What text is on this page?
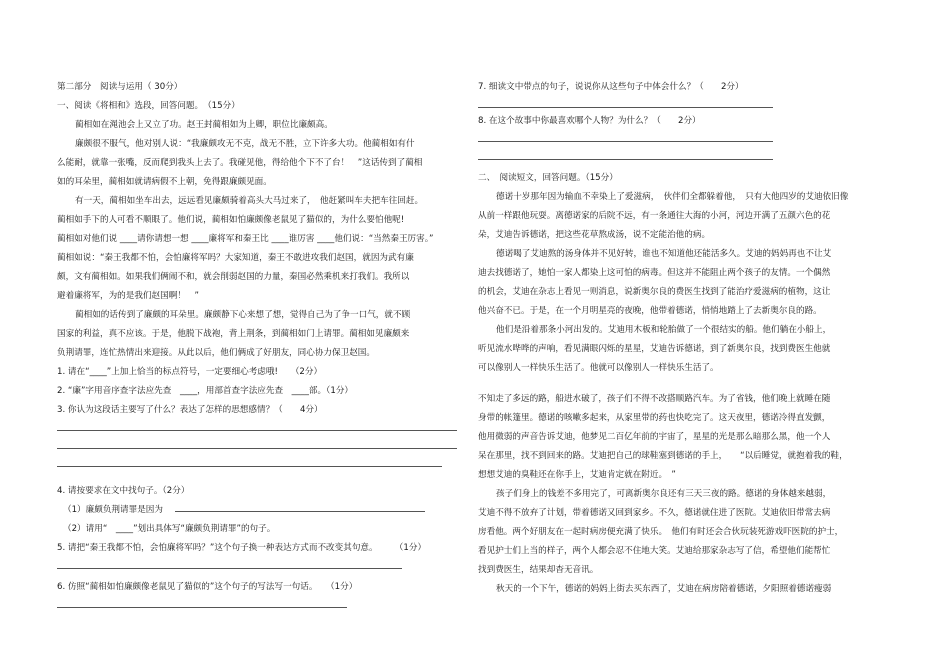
第二部分　阅读与运用（ 30分）

一、阅读《将相和》选段，回答问题。　（15分）

蔺相如在渑池会上又立了功。赵王封蔺相如为上卿，职位比廉颇高。

廉颇很不服气，他对别人说：“我廉颇攻无不克，战无不胜，立下许多大功。他蔺相如有什

么能耐，就靠一张嘴，反而爬到我头上去了。我碰见他，得给他个下不了台！　”这话传到了蔺相

如的耳朵里，蔺相如就请病假不上朝，免得跟廉颇见面。

有一天，蔺相如坐车出去，远远看见廉颇骑着高头大马过来了，　他赶紧叫车夫把车往回赶。

蔺相如手下的人可看不顺眼了。他们说，蔺相如怕廉颇像老鼠见了猫似的，为什么要怕他呢!

蔺相如对他们说 ____请你请想一想 ____廉将军和秦王比 ____谁厉害 ____他们说：“当然秦王厉害。”

蔺相如说：“秦王我都不怕，会怕廉将军吗？大家知道，秦王不敢进攻我们赵国，就因为武有廉

颇，文有蔺相如。如果我们俩闹不和，就会削弱赵国的力量，秦国必然乘机来打我们。我所以

避着廉将军，为的是我们赵国啊！　”

蔺相如的话传到了廉颇的耳朵里。廉颇静下心来想了想，觉得自己为了争一口气，就不顾

国家的利益，真不应该。于是，他脱下战袍，背上荆条，到蔺相如门上请罪。蔺相如见廉颇来

负荆请罪，连忙热情出来迎接。从此以后，他们俩成了好朋友，同心协力保卫赵国。

1. 请在“____”上加上恰当的标点符号，一定要细心考虑哦!　　（2分）

2. “廉”字用音序查字法应先查　____，用部首查字法应先查　____部。（1分）

3. 你认为这段话主要写了什么？表达了怎样的思想感情？（　　4分）

4. 请按要求在文中找句子。（2分）

（1）廉颇负荆请罪是因为

（2）请用“　____”划出具体写“廉颇负荆请罪”的句子。

5. 请把“秦王我都不怕，会怕廉将军吗？”这个句子换一种表达方式而不改变其句意。　　　（1分）

6. 仿照“蔺相如怕廉颇像老鼠见了猫似的”这个句子的写法写一句话。　　（1分）

7. 细读文中带点的句子，说说你从这些句子中体会什么？（　　2分）

8. 在这个故事中你最喜欢哪个人物？为什么？（　　2分）

二、　阅读短文，回答问题。（15分）

德诺十岁那年因为输血不幸染上了爱滋病，　伙伴们全都躲着他，　只有大他四岁的艾迪依旧像

从前一样跟他玩耍。离德诺家的后院不远，有一条通往大海的小河，河边开满了五颜六色的花

朵，艾迪告诉德诺，把这些花草熬成汤，说不定能治他的病。

德诺喝了艾迪熬的汤身体并不见好转，谁也不知道他还能活多久。艾迪的妈妈再也不让艾

迪去找德诺了，她怕一家人都染上这可怕的病毒。但这并不能阻止两个孩子的友情。一个偶然

的机会，艾迪在杂志上看见一则消息，说新奥尔良的费医生找到了能治疗爱滋病的植物，这让

他兴奋不已。于是，在一个月明星亮的夜晚，他带着德诺，悄悄地踏上了去新奥尔良的路。

他们是沿着那条小河出发的。艾迪用木板和轮胎做了一个很结实的船。他们躺在小船上，

听见流水哗哗的声响，看见满眼闪烁的星星，艾迪告诉德诺，到了新奥尔良，找到费医生他就

可以像别人一样快乐生活了。他就可以像别人一样快乐生活了。

不知走了多远的路，船进水破了，孩子们不得不改搭顺路汽车。为了省钱，他们晚上就睡在随

身带的帐篷里。德诺的咳嗽多起来，从家里带的药也快吃完了。这天夜里，德诺冷得直发颤，

他用微弱的声音告诉艾迪，他梦见二百亿年前的宇宙了，星星的光是那么暗那么黑，他一个人

呆在那里，找不到回来的路。艾迪把自己的球鞋塞到德诺的手上，　　“以后睡觉，就抱着我的鞋，

想想艾迪的臭鞋还在你手上，艾迪肯定就在附近。　”

孩子们身上的钱差不多用完了，可离新奥尔良还有三天三夜的路。德诺的身体越来越弱，

艾迪不得不放弃了计划，带着德诺又回到家乡。不久，德诺就住进了医院。艾迪依旧带常去病

房看他。两个好朋友在一起时病房便充满了快乐。　他们有时还会合伙玩装死游戏吓医院的护士，

看见护士们上当的样子，两个人都会忍不住地大笑。艾迪给那家杂志写了信，希望他们能帮忙

找到费医生，结果却杳无音讯。

秋天的一个下午，德诺的妈妈上街去买东西了，艾迪在病房陪着德诺，夕阳照着德诺瘦弱
